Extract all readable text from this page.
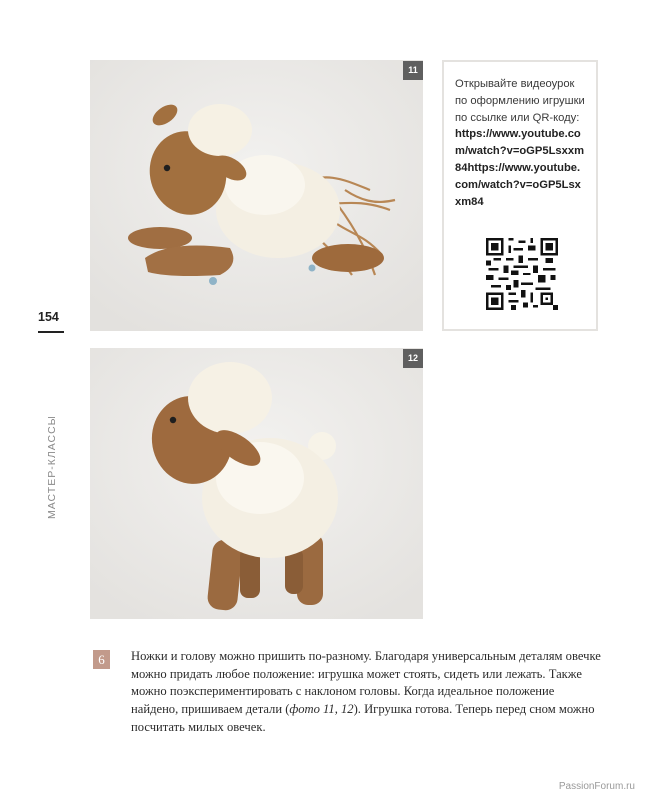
11

Открывайте видеоурок по оформлению игрушки по ссылке или QR-коду:

https://www.youtube.com/watch?v=oGP5Lsxxm84https://www.youtube.com/watch?v=oGP5Lsxxm84

12
154
МАСТЕР-КЛАССЫ
6	Ножки и голову можно пришить по-разному. Благодаря универсальным деталям овечке можно придать любое положение: игрушка может стоять, сидеть или лежать. Также можно поэкспериментировать с наклоном головы. Когда идеальное положение найдено, пришиваем детали (фото 11, 12). Игрушка готова. Теперь перед сном можно посчитать милых овечек.

PassionForum.ru
